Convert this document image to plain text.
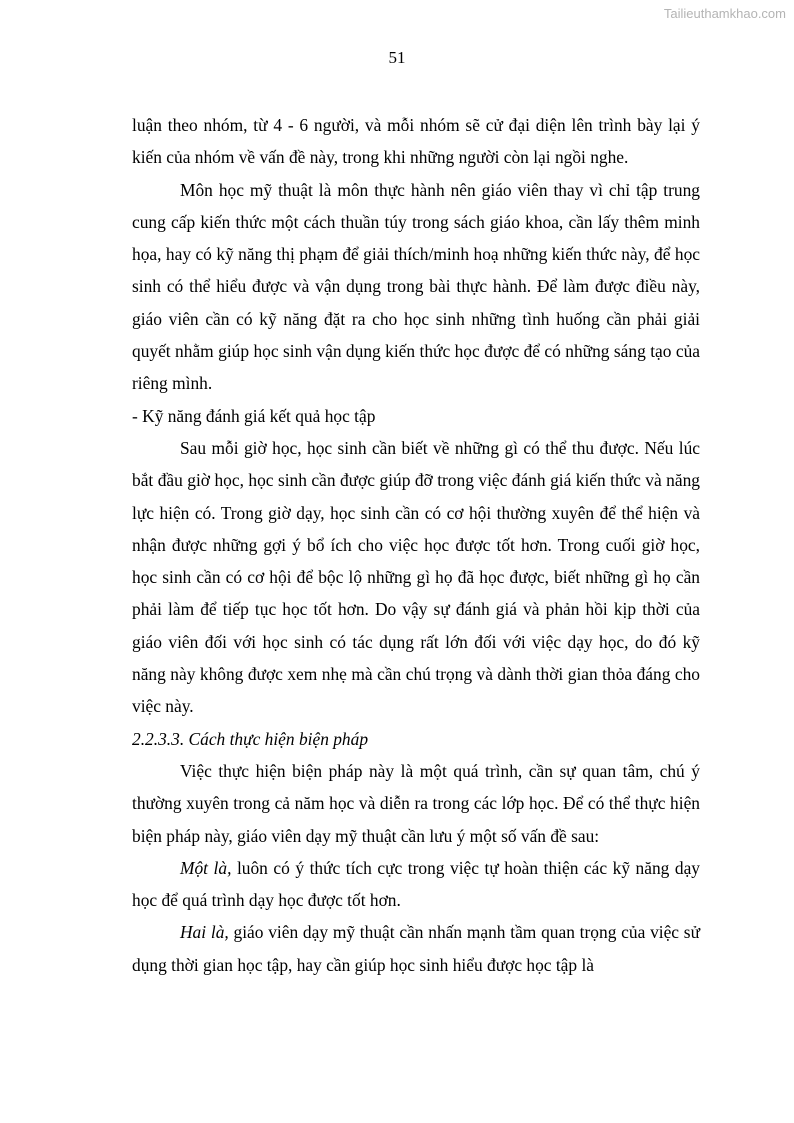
Tailieuthamkhao.com
51

luận theo nhóm, từ 4 - 6 người, và mỗi nhóm sẽ cử đại diện lên trình bày lại ý kiến của nhóm về vấn đề này, trong khi những người còn lại ngồi nghe.

Môn học mỹ thuật là môn thực hành nên giáo viên thay vì chỉ tập trung cung cấp kiến thức một cách thuần túy trong sách giáo khoa, cần lấy thêm minh họa, hay có kỹ năng thị phạm để giải thích/minh hoạ những kiến thức này, để học sinh có thể hiểu được và vận dụng trong bài thực hành. Để làm được điều này, giáo viên cần có kỹ năng đặt ra cho học sinh những tình huống cần phải giải quyết nhằm giúp học sinh vận dụng kiến thức học được để có những sáng tạo của riêng mình.

- Kỹ năng đánh giá kết quả học tập

Sau mỗi giờ học, học sinh cần biết về những gì có thể thu được. Nếu lúc bắt đầu giờ học, học sinh cần được giúp đỡ trong việc đánh giá kiến thức và năng lực hiện có. Trong giờ dạy, học sinh cần có cơ hội thường xuyên để thể hiện và nhận được những gợi ý bổ ích cho việc học được tốt hơn. Trong cuối giờ học, học sinh cần có cơ hội để bộc lộ những gì họ đã học được, biết những gì họ cần phải làm để tiếp tục học tốt hơn. Do vậy sự đánh giá và phản hồi kịp thời của giáo viên đối với học sinh có tác dụng rất lớn đối với việc dạy học, do đó kỹ năng này không được xem nhẹ mà cần chú trọng và dành thời gian thỏa đáng cho việc này.

2.2.3.3. Cách thực hiện biện pháp

Việc thực hiện biện pháp này là một quá trình, cần sự quan tâm, chú ý thường xuyên trong cả năm học và diễn ra trong các lớp học. Để có thể thực hiện biện pháp này, giáo viên dạy mỹ thuật cần lưu ý một số vấn đề sau:

Một là, luôn có ý thức tích cực trong việc tự hoàn thiện các kỹ năng dạy học để quá trình dạy học được tốt hơn.

Hai là, giáo viên dạy mỹ thuật cần nhấn mạnh tầm quan trọng của việc sử dụng thời gian học tập, hay cần giúp học sinh hiểu được học tập là
